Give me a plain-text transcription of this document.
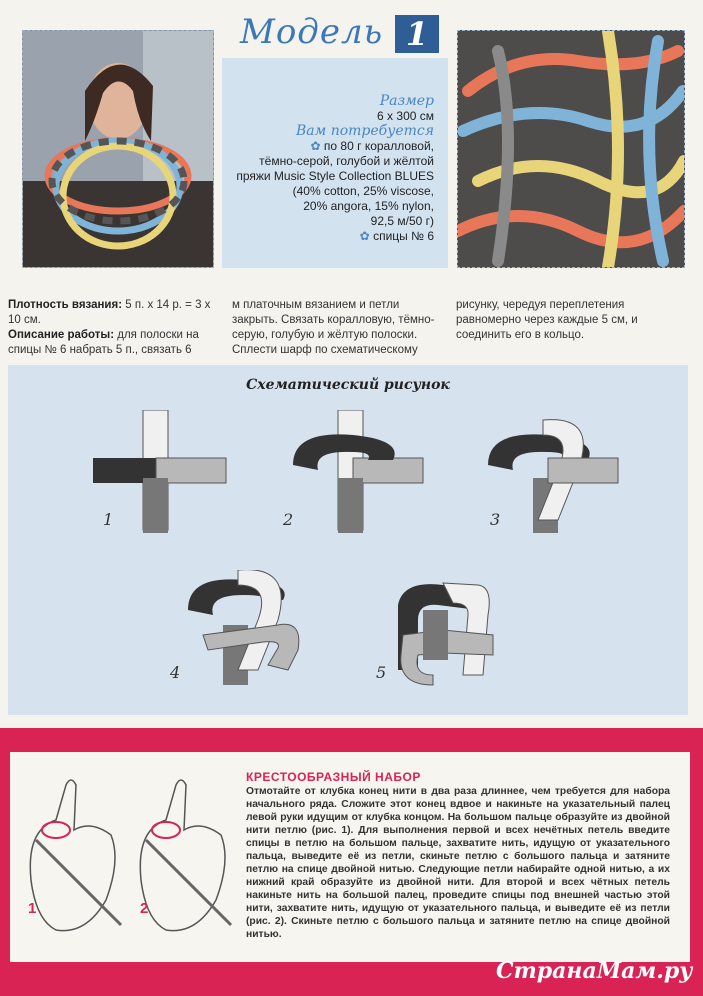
Модель 1
Размер
6 х 300 см
Вам потребуется
✿ по 80 г коралловой,
тёмно-серой, голубой и жёлтой
пряжи Music Style Collection BLUES
(40% cotton, 25% viscose,
20% angora, 15% nylon,
92,5 м/50 г)
✿ спицы № 6
Плотность вязания: 5 п. х 14 р. = 3 х 10 см.
Описание работы: для полоски на спицы № 6 набрать 5 п., связать 6
м платочным вязанием и петли закрыть. Связать коралловую, тёмно-серую, голубую и жёлтую полоски. Сплести шарф по схематическому
рисунку, чередуя переплетения равномерно через каждые 5 см, и соединить его в кольцо.
Схематический рисунок
1	2	3
4	5
1	2
КРЕСТООБРАЗНЫЙ НАБОР
Отмотайте от клубка конец нити в два раза длиннее, чем требуется для набора начального ряда. Сложите этот конец вдвое и накиньте на указательный палец левой руки идущим от клубка концом. На большом пальце образуйте из двойной нити петлю (рис. 1). Для выполнения первой и всех нечётных петель введите спицы в петлю на большом пальце, захватите нить, идущую от указательного пальца, выведите её из петли, скиньте петлю с большого пальца и затяните петлю на спице двойной нитью. Следующие петли набирайте одной нитью, а их нижний край образуйте из двойной нити. Для второй и всех чётных петель накиньте нить на большой палец, проведите спицы под внешней частью этой нити, захватите нить, идущую от указательного пальца, и выведите её из петли (рис. 2). Скиньте петлю с большого пальца и затяните петлю на спице двойной нитью.
СтранаМам.ру
